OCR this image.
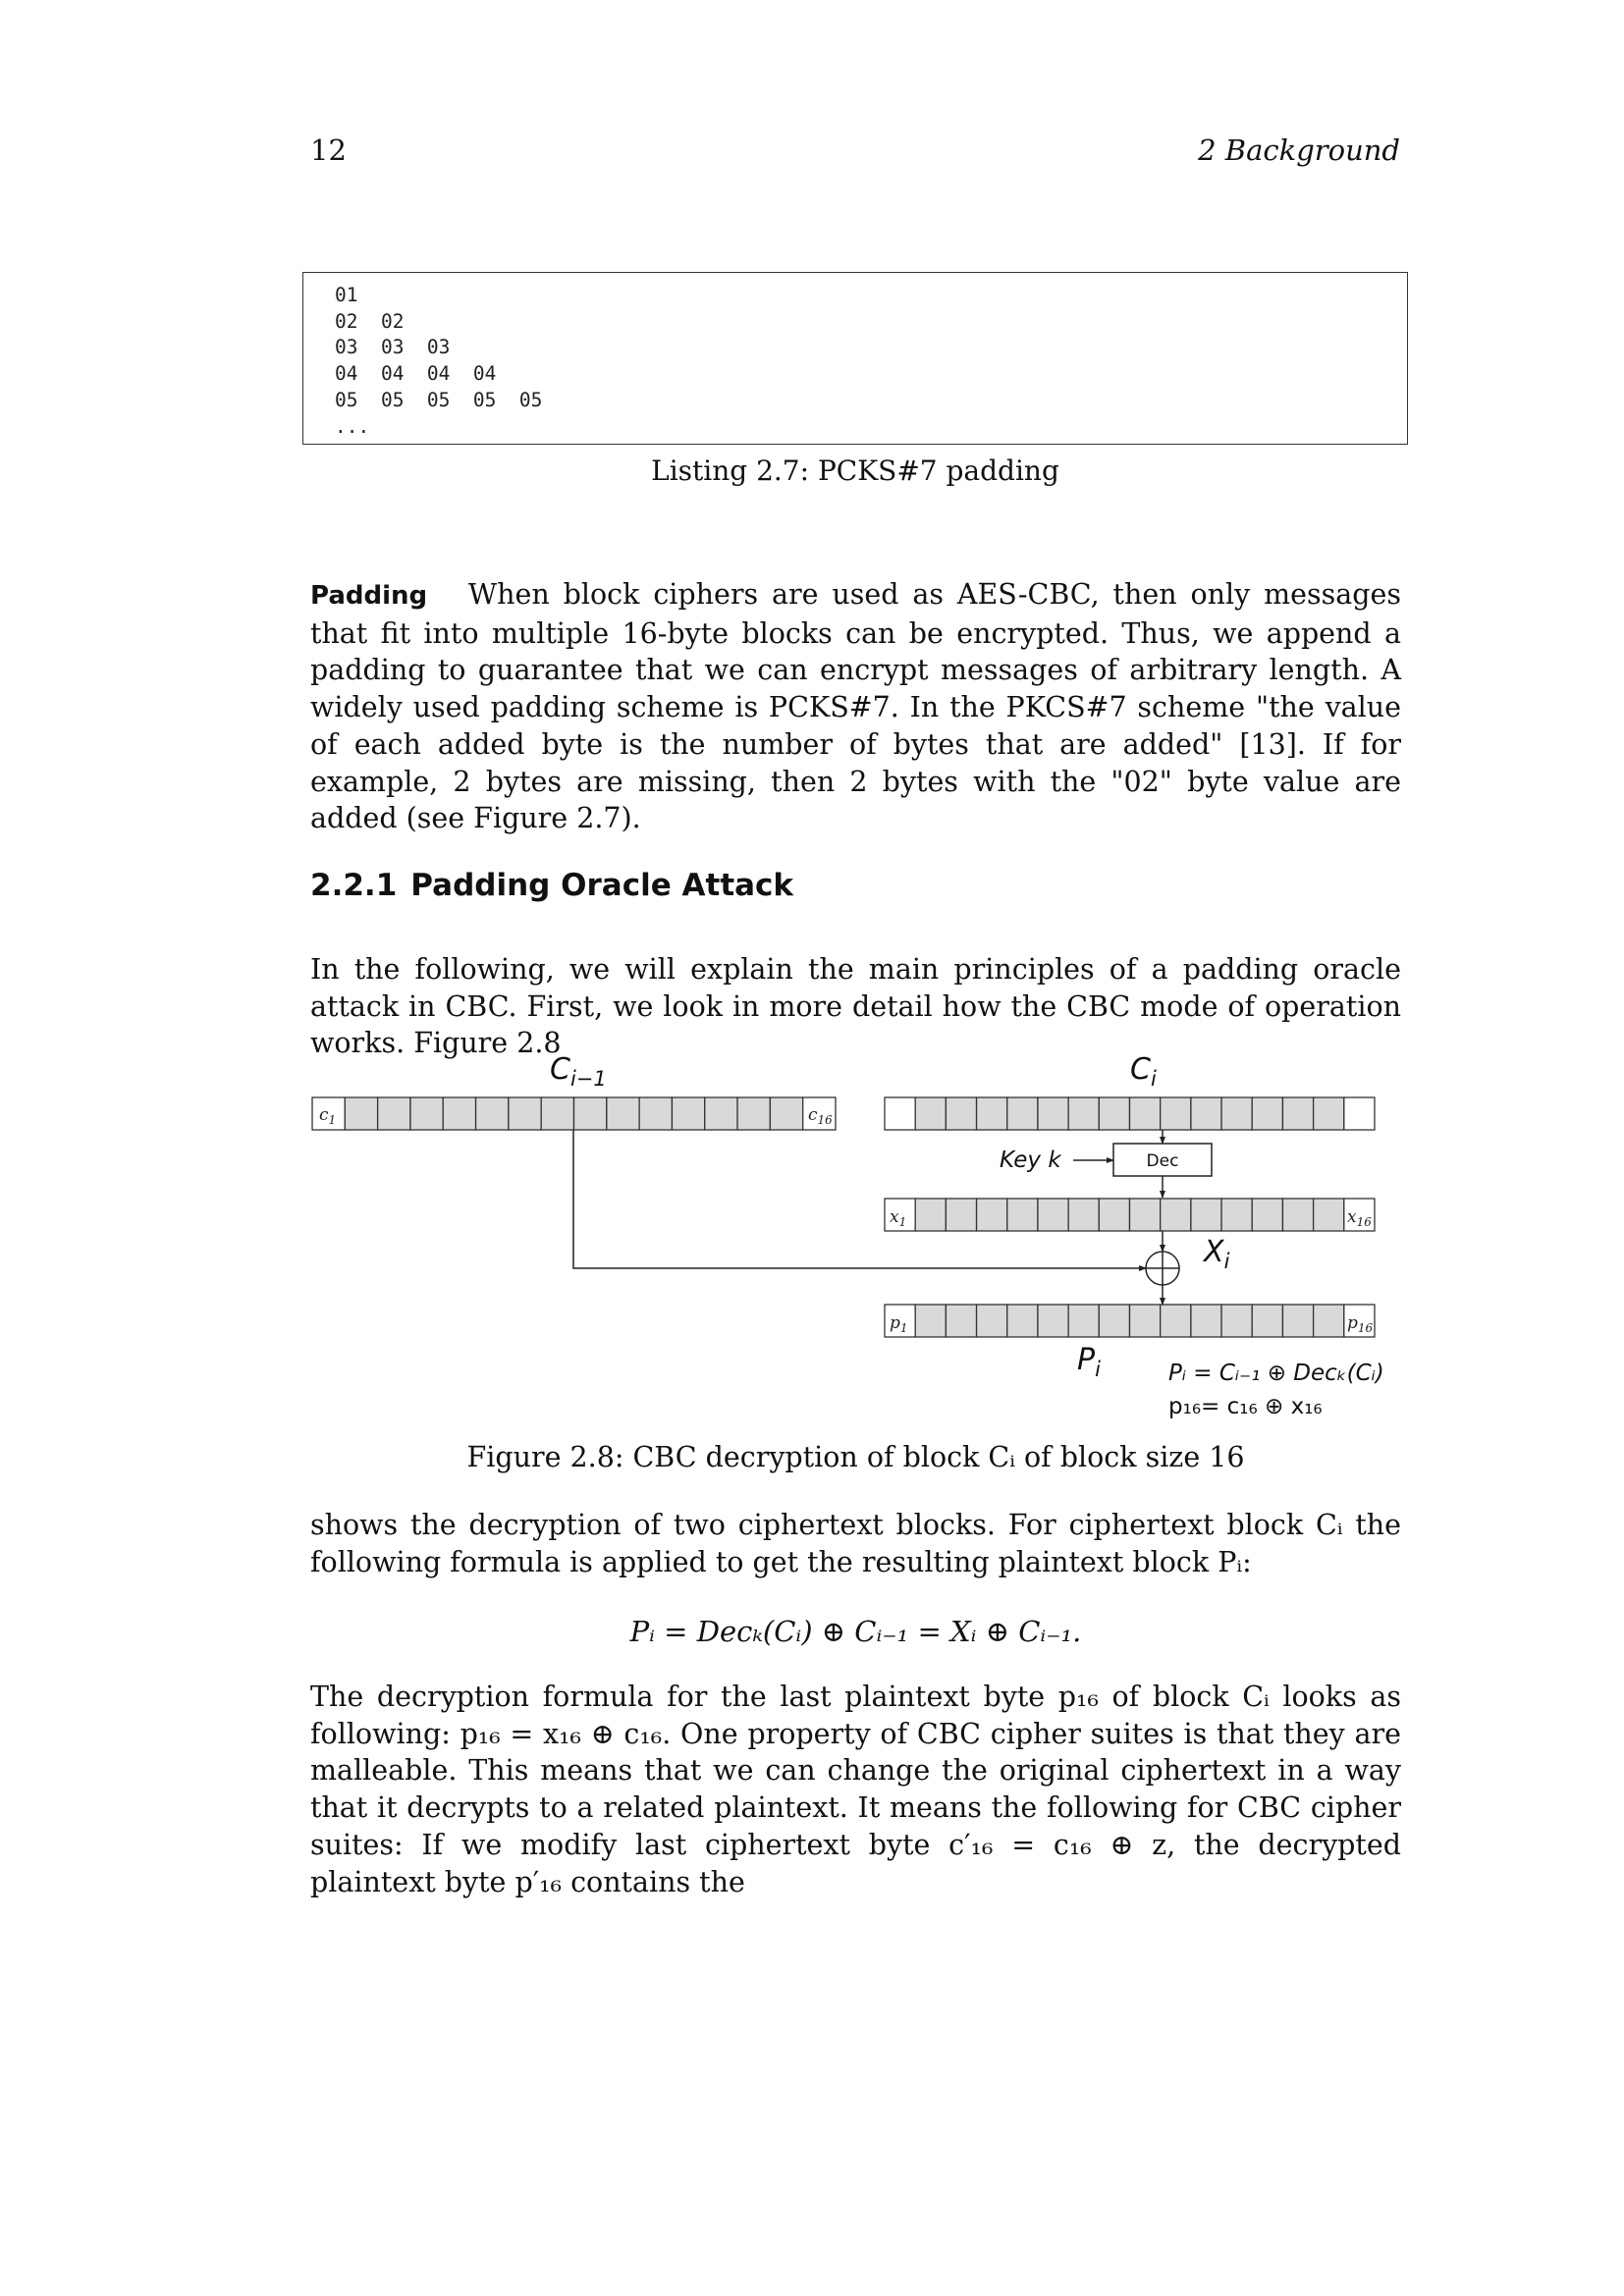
12	2 Background
01
02  02
03  03  03
04  04  04  04
05  05  05  05  05
...
Listing 2.7: PCKS#7 padding
Padding When block ciphers are used as AES-CBC, then only messages that fit into multiple 16-byte blocks can be encrypted. Thus, we append a padding to guarantee that we can encrypt messages of arbitrary length. A widely used padding scheme is PCKS#7. In the PKCS#7 scheme "the value of each added byte is the number of bytes that are added" [13]. If for example, 2 bytes are missing, then 2 bytes with the "02" byte value are added (see Figure 2.7).
2.2.1 Padding Oracle Attack
In the following, we will explain the main principles of a padding oracle attack in CBC. First, we look in more detail how the CBC mode of operation works. Figure 2.8
$C_{i-1}$	$C_i$
$c_1$	$c_{16}$
$x_1$	$x_{16}$
$p_1$	$p_{16}$
Key k	Dec
$X_i$
$P_i$	Pᵢ = Cᵢ₋₁ ⊕ Decₖ(Cᵢ)
p₁₆= c₁₆ ⊕ x₁₆
Figure 2.8: CBC decryption of block Cᵢ of block size 16
shows the decryption of two ciphertext blocks. For ciphertext block Cᵢ the following formula is applied to get the resulting plaintext block Pᵢ:
Pᵢ = Decₖ(Cᵢ) ⊕ Cᵢ₋₁ = Xᵢ ⊕ Cᵢ₋₁.
The decryption formula for the last plaintext byte p₁₆ of block Cᵢ looks as following: p₁₆ = x₁₆ ⊕ c₁₆. One property of CBC cipher suites is that they are malleable. This means that we can change the original ciphertext in a way that it decrypts to a related plaintext. It means the following for CBC cipher suites: If we modify last ciphertext byte c′₁₆ = c₁₆ ⊕ z, the decrypted plaintext byte p′₁₆ contains the
